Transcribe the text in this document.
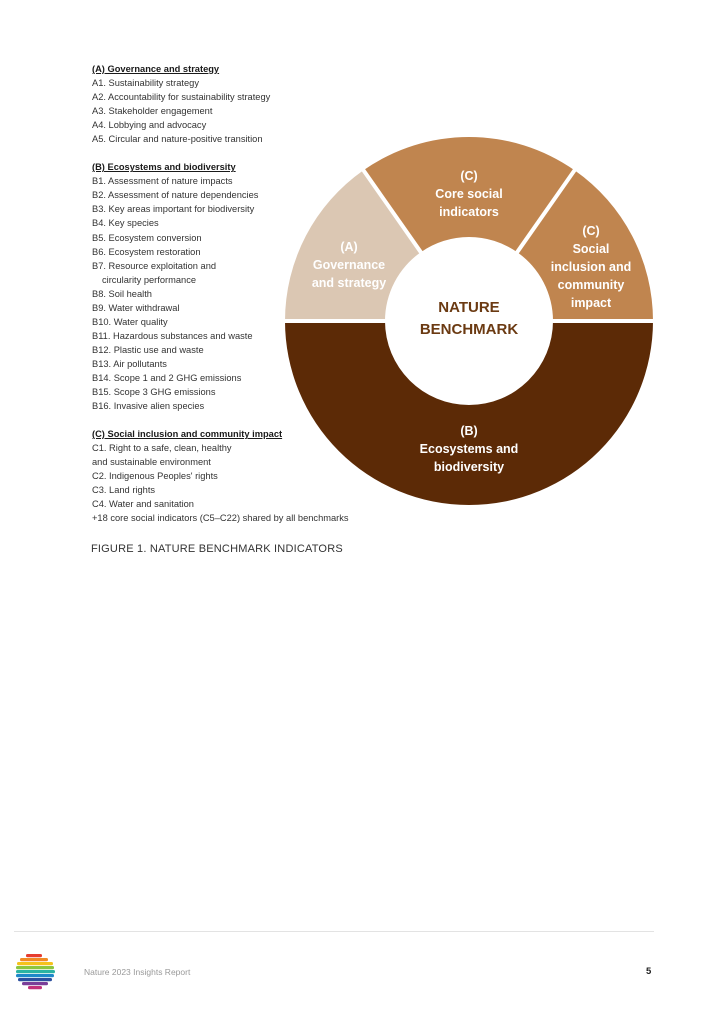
(A) Governance and strategy
A1. Sustainability strategy
A2. Accountability for sustainability strategy
A3. Stakeholder engagement
A4. Lobbying and advocacy
A5. Circular and nature-positive transition
(B) Ecosystems and biodiversity
B1. Assessment of nature impacts
B2. Assessment of nature dependencies
B3. Key areas important for biodiversity
B4. Key species
B5. Ecosystem conversion
B6. Ecosystem restoration
B7. Resource exploitation and
circularity performance
B8. Soil health
B9. Water withdrawal
B10. Water quality
B11. Hazardous substances and waste
B12. Plastic use and waste
B13. Air pollutants
B14. Scope 1 and 2 GHG emissions
B15. Scope 3 GHG emissions
B16. Invasive alien species
(C) Social inclusion and community impact
C1. Right to a safe, clean, healthy
and sustainable environment
C2. Indigenous Peoples' rights
C3. Land rights
C4. Water and sanitation
+18 core social indicators (C5–C22) shared by all benchmarks
(A) Governance and strategy
(C) Core social indicators
(C) Social inclusion and community impact
(B) Ecosystems and biodiversity
NATURE BENCHMARK
FIGURE 1. NATURE BENCHMARK INDICATORS
Nature 2023 Insights Report	5
